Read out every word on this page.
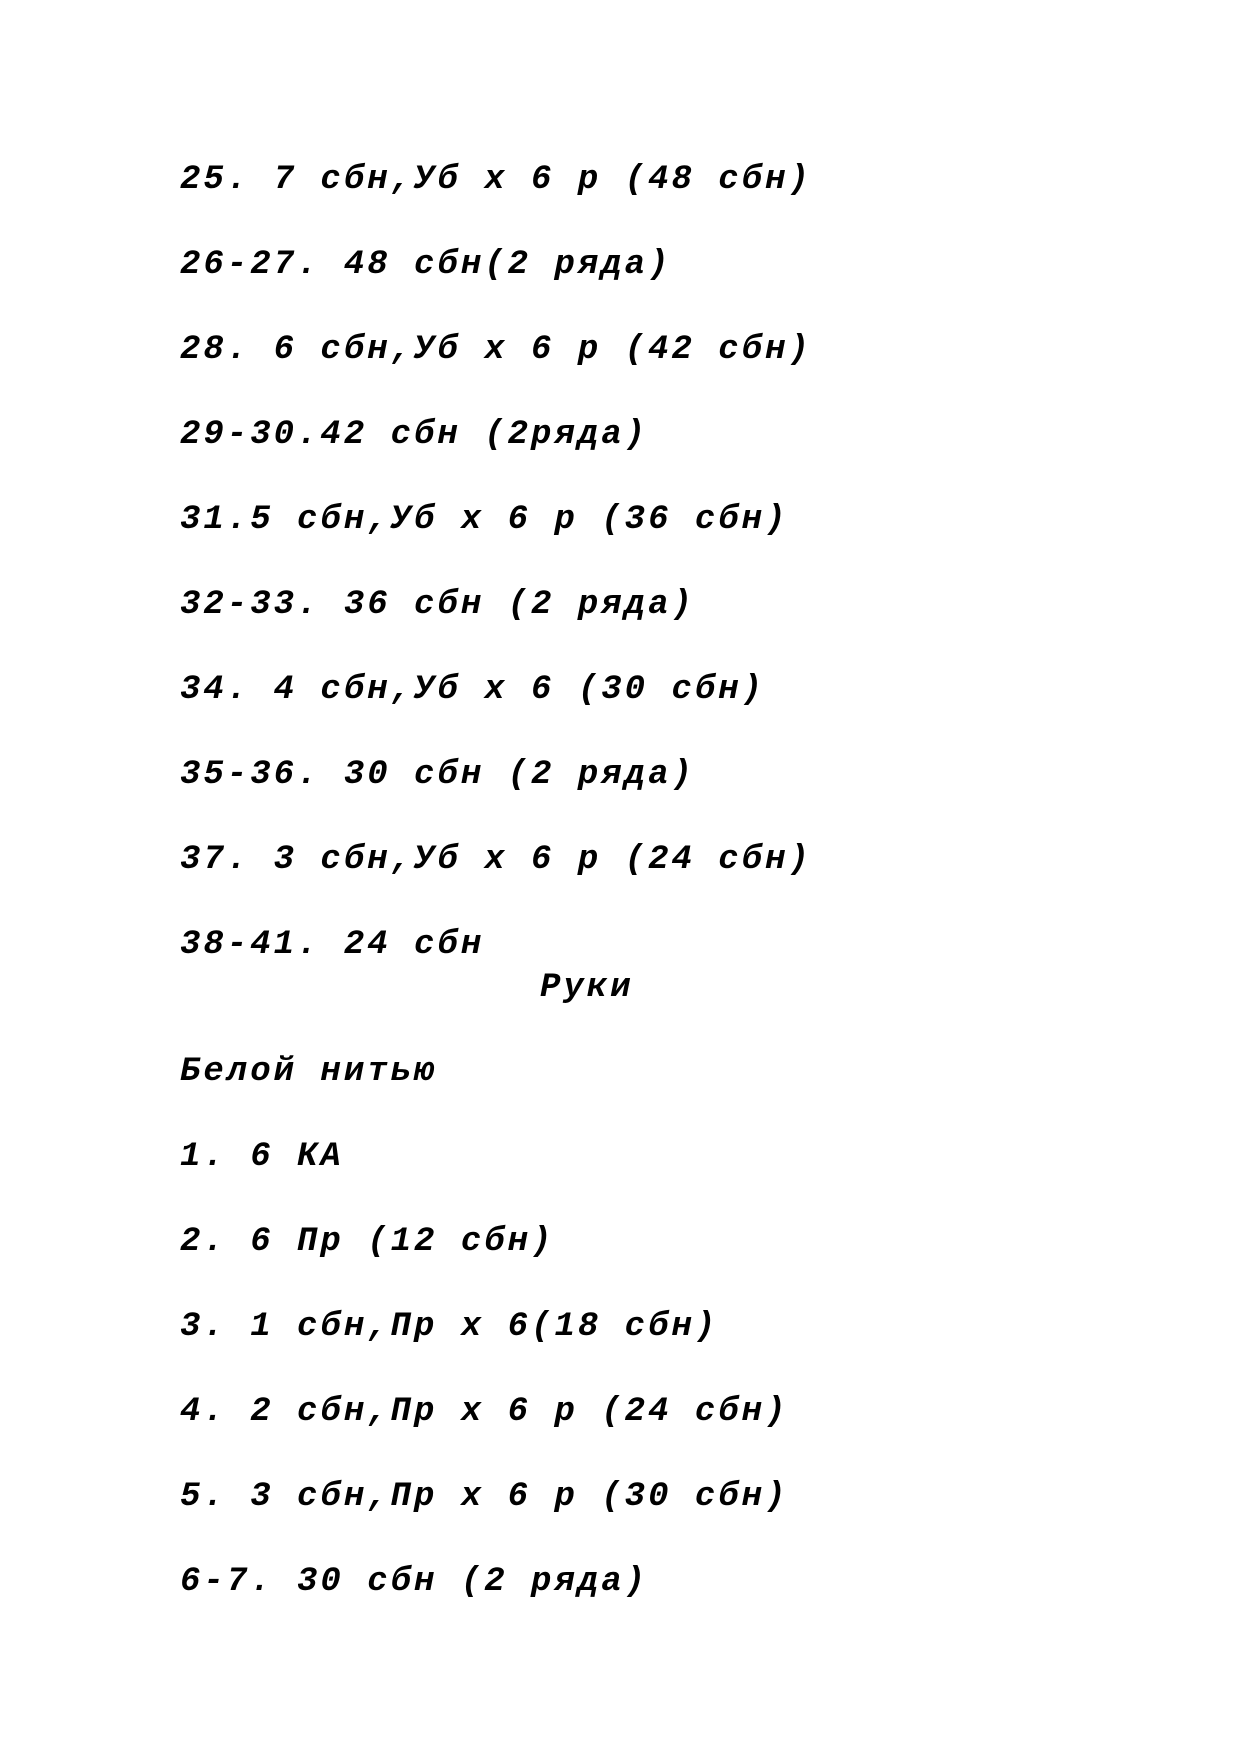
25. 7 сбн,Уб х 6 р (48 сбн)
26-27. 48 сбн(2 ряда)
28. 6 сбн,Уб х 6 р (42 сбн)
29-30.42 сбн (2ряда)
31.5 сбн,Уб х 6 р (36 сбн)
32-33. 36 сбн (2 ряда)
34. 4 сбн,Уб х 6 (30 сбн)
35-36. 30 сбн (2 ряда)
37. 3 сбн,Уб х 6 р (24 сбн)
38-41. 24 сбн
Руки
Белой нитью
1. 6 КА
2. 6 Пр (12 сбн)
3. 1 сбн,Пр х 6(18 сбн)
4. 2 сбн,Пр х 6 р (24 сбн)
5. 3 сбн,Пр х 6 р (30 сбн)
6-7. 30 сбн (2 ряда)
